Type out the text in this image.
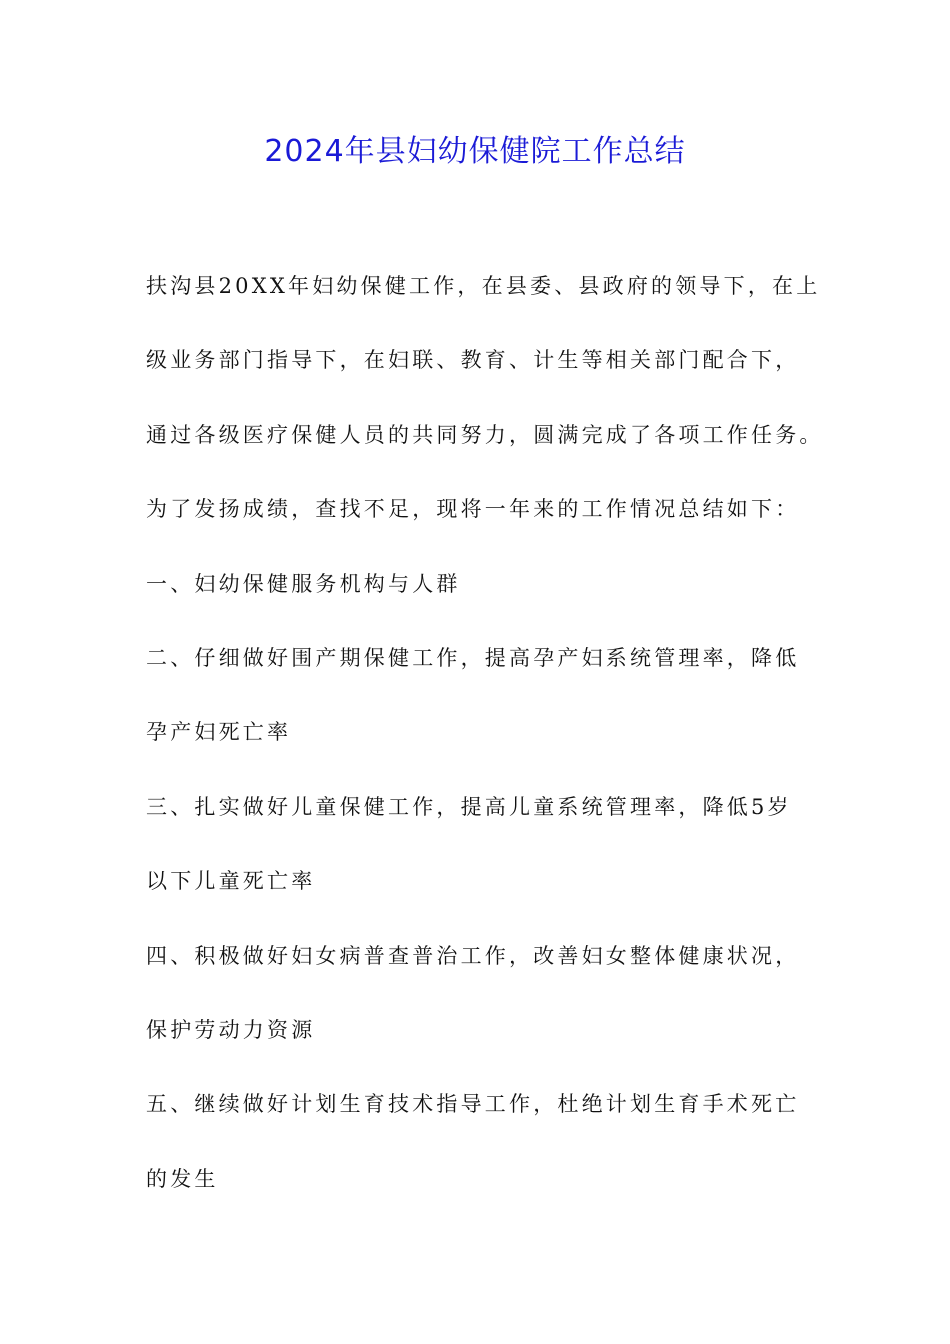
2024年县妇幼保健院工作总结
扶沟县20XX年妇幼保健工作，在县委、县政府的领导下，在上
级业务部门指导下，在妇联、教育、计生等相关部门配合下，
通过各级医疗保健人员的共同努力，圆满完成了各项工作任务。
为了发扬成绩，查找不足，现将一年来的工作情况总结如下：
一、妇幼保健服务机构与人群
二、仔细做好围产期保健工作，提高孕产妇系统管理率，降低
孕产妇死亡率
三、扎实做好儿童保健工作，提高儿童系统管理率，降低5岁
以下儿童死亡率
四、积极做好妇女病普查普治工作，改善妇女整体健康状况，
保护劳动力资源
五、继续做好计划生育技术指导工作，杜绝计划生育手术死亡
的发生
